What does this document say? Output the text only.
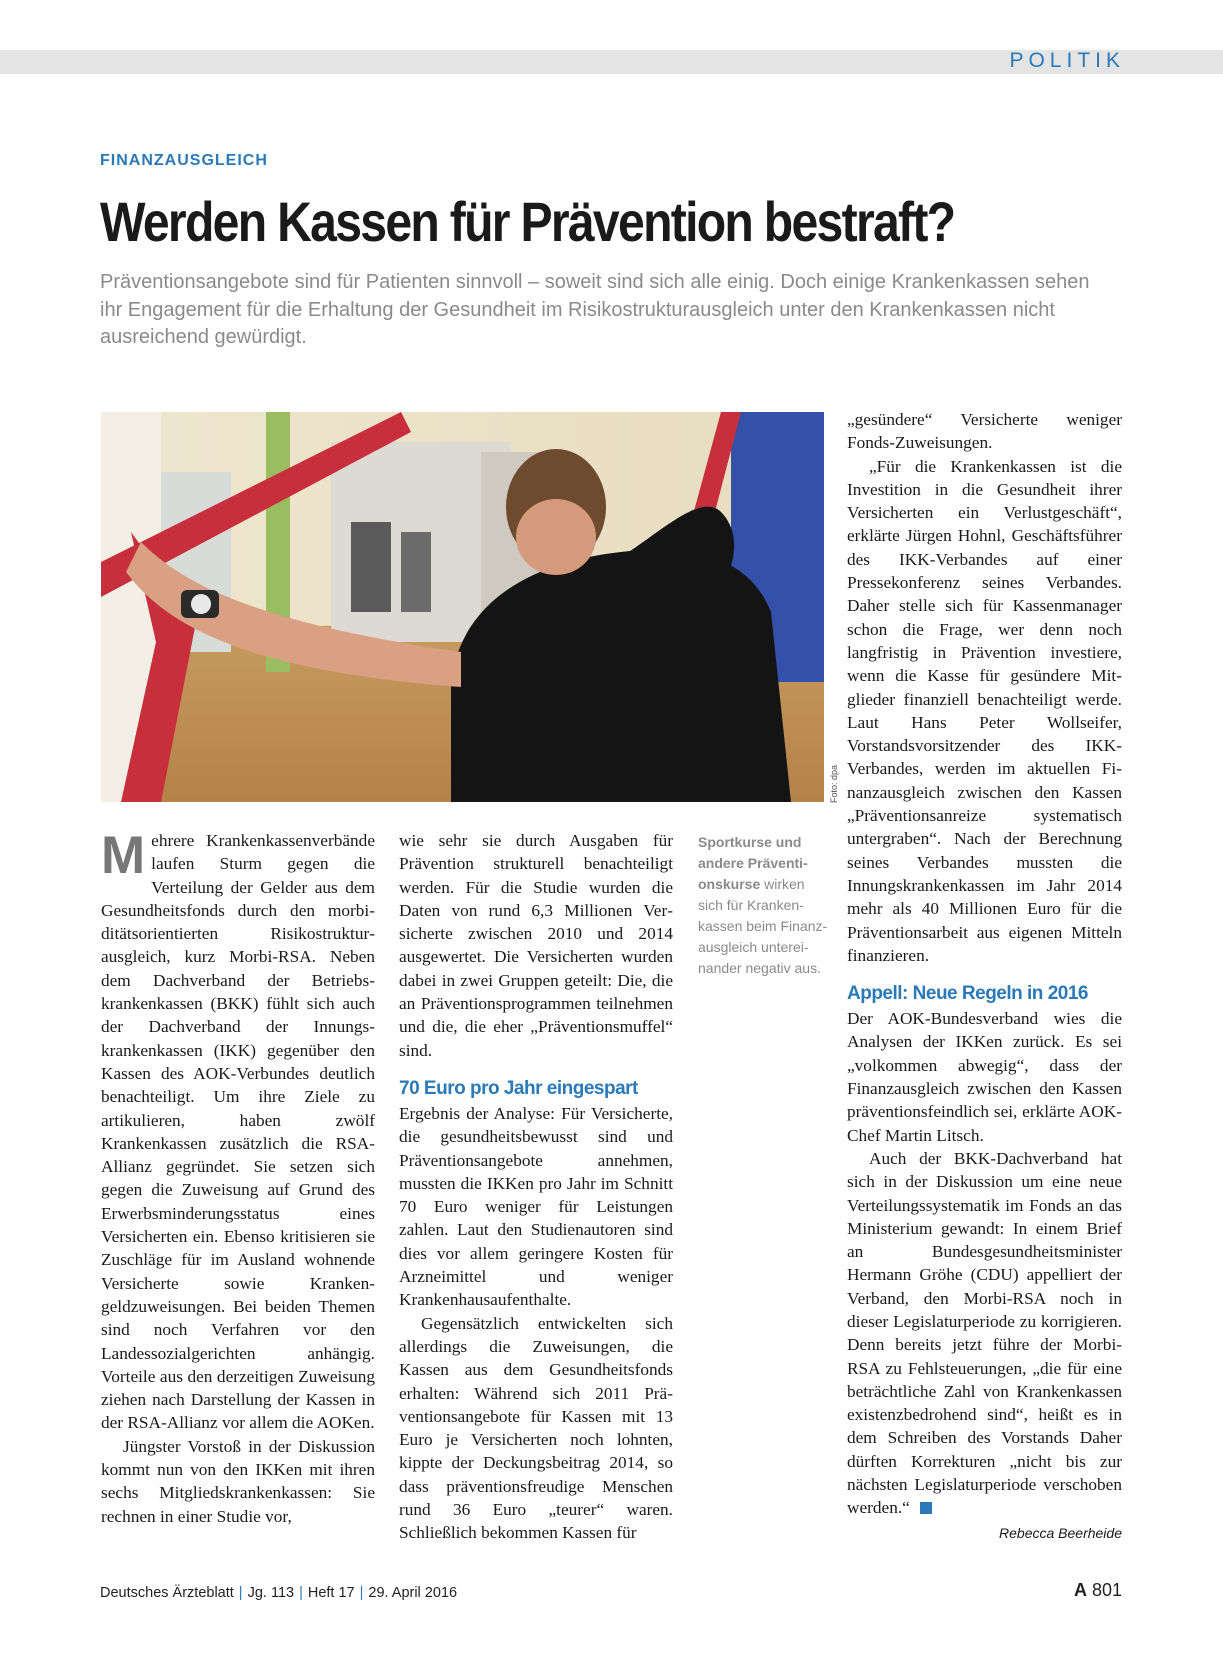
POLITIK
FINANZAUSGLEICH
Werden Kassen für Prävention bestraft?

Präventionsangebote sind für Patienten sinnvoll – soweit sind sich alle einig. Doch einige Krankenkassen sehen ihr Engagement für die Erhaltung der Gesundheit im Risikostrukturausgleich unter den Krankenkassen nicht ausreichend gewürdigt.

Foto: dpa
Sportkurse und andere Präventionskurse wirken sich für Krankenkassen beim Finanzausgleich untereinander negativ aus.

Mehrere Krankenkassenverbände laufen Sturm gegen die Verteilung der Gelder aus dem Gesundheitsfonds durch den morbiditätsorientierten Risikostrukturausgleich, kurz Morbi-RSA. Neben dem Dachverband der Betriebskrankenkassen (BKK) fühlt sich auch der Dachverband der Innungskrankenkassen (IKK) gegenüber den Kassen des AOK-Verbundes deutlich benachteiligt. Um ihre Ziele zu artikulieren, haben zwölf Krankenkassen zusätzlich die RSA-Allianz gegründet. Sie setzen sich gegen die Zuweisung auf Grund des Erwerbsminderungsstatus eines Versicherten ein. Ebenso kritisieren sie Zuschläge für im Ausland wohnende Versicherte sowie Krankengeldzuweisungen. Bei beiden Themen sind noch Verfahren vor den Landessozialgerichten anhängig. Vorteile aus den derzeitigen Zuweisung ziehen nach Darstellung der Kassen in der RSA-Allianz vor allem die AOKen.

Jüngster Vorstoß in der Diskussion kommt nun von den IKKen mit ihren sechs Mitgliedskrankenkassen: Sie rechnen in einer Studie vor,

wie sehr sie durch Ausgaben für Prävention strukturell benachteiligt werden. Für die Studie wurden die Daten von rund 6,3 Millionen Versicherte zwischen 2010 und 2014 ausgewertet. Die Versicherten wurden dabei in zwei Gruppen geteilt: Die, die an Präventionsprogrammen teilnehmen und die, die eher „Präventionsmuffel“ sind.

70 Euro pro Jahr eingespart

Ergebnis der Analyse: Für Versicherte, die gesundheitsbewusst sind und Präventionsangebote annehmen, mussten die IKKen pro Jahr im Schnitt 70 Euro weniger für Leistungen zahlen. Laut den Studienautoren sind dies vor allem geringere Kosten für Arzneimittel und weniger Krankenhausaufenthalte.

Gegensätzlich entwickelten sich allerdings die Zuweisungen, die Kassen aus dem Gesundheitsfonds erhalten: Während sich 2011 Präventionsangebote für Kassen mit 13 Euro je Versicherten noch lohnten, kippte der Deckungsbeitrag 2014, so dass präventionsfreudige Menschen rund 36 Euro „teurer“ waren. Schließlich bekommen Kassen für

„gesündere“ Versicherte weniger Fonds-Zuweisungen.

„Für die Krankenkassen ist die Investition in die Gesundheit ihrer Versicherten ein Verlustgeschäft“, erklärte Jürgen Hohnl, Geschäftsführer des IKK-Verbandes auf einer Pressekonferenz seines Verbandes. Daher stelle sich für Kassenmanager schon die Frage, wer denn noch langfristig in Prävention investiere, wenn die Kasse für gesündere Mitglieder finanziell benachteiligt werde. Laut Hans Peter Wollseifer, Vorstandsvorsitzender des IKK-Verbandes, werden im aktuellen Finanzausgleich zwischen den Kassen „Präventionsanreize systematisch untergraben“. Nach der Berechnung seines Verbandes mussten die Innungskrankenkassen im Jahr 2014 mehr als 40 Millionen Euro für die Präventionsarbeit aus eigenen Mitteln finanzieren.

Appell: Neue Regeln in 2016

Der AOK-Bundesverband wies die Analysen der IKKen zurück. Es sei „volkommen abwegig“, dass der Finanzausgleich zwischen den Kassen präventionsfeindlich sei, erklärte AOK-Chef Martin Litsch.

Auch der BKK-Dachverband hat sich in der Diskussion um eine neue Verteilungssystematik im Fonds an das Ministerium gewandt: In einem Brief an Bundesgesundheitsminister Hermann Gröhe (CDU) appelliert der Verband, den Morbi-RSA noch in dieser Legislaturperiode zu korrigieren. Denn bereits jetzt führe der Morbi-RSA zu Fehlsteuerungen, „die für eine beträchtliche Zahl von Krankenkassen existenzbedrohend sind“, heißt es in dem Schreiben des Vorstands Daher dürften Korrekturen „nicht bis zur nächsten Legislaturperiode verschoben werden.“

Rebecca Beerheide

Deutsches Ärzteblatt | Jg. 113 | Heft 17 | 29. April 2016	A 801
